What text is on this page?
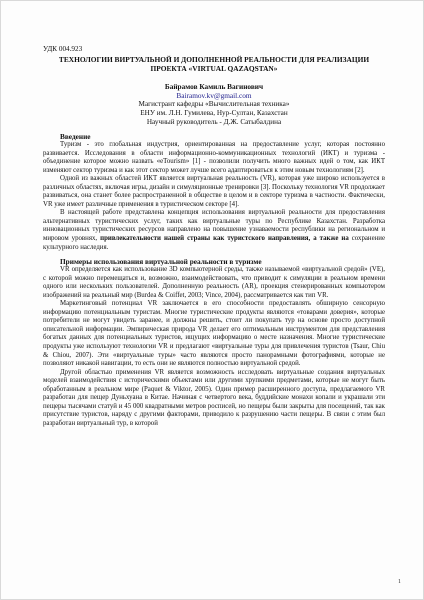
УДК 004.923
ТЕХНОЛОГИИ ВИРТУАЛЬНОЙ И ДОПОЛНЕННОЙ РЕАЛЬНОСТИ ДЛЯ РЕАЛИЗАЦИИ ПРОЕКТА «VIRTUAL QAZAQSTAN»
Байрамов Камиль Вагинович
Bairamov.kv@gmail.com
Магистрант кафедры «Вычислительная техника»
ЕНУ им. Л.Н. Гумилева, Нур-Султан, Казахстан
Научный руководитель - Д.Ж. Сатыбалдина
Введение

Туризм - это глобальная индустрия, ориентированная на предоставление услуг, которая постоянно развивается. Исследования в области информационно-коммуникационных технологий (ИКТ) и туризма - объединение которое можно назвать «eTourism» [1] - позволили получить много важных идей о том, как ИКТ изменяют сектор туризма и как этот сектор может лучше всего адаптироваться к этим новым технологиям [2].

Одной из важных областей ИКТ является виртуальная реальность (VR), которая уже широко используется в различных областях, включая игры, дизайн и симуляционные тренировки [3]. Поскольку технология VR продолжает развиваться, она станет более распространенной в обществе в целом и в секторе туризма в частности. Фактически, VR уже имеет различные применения в туристическом секторе [4].

В настоящей работе представлена концепция использования виртуальной реальности для предоставления альтернативных туристических услуг, таких как виртуальные туры по Республике Казахстан. Разработка инновационных туристических ресурсов направлено на повышение узнаваемости республики на региональном и мировом уровнях, привлекательности нашей страны как туристского направления, а также на сохранение культурного наследия.

Примеры использования виртуальной реальности в туризме

VR определяется как использование 3D компьютерной среды, также называемой «виртуальной средой» (VE), с которой можно перемещаться и, возможно, взаимодействовать, что приводит к симуляции в реальном времени одного или нескольких пользователей. Дополненную реальность (AR), проекция стенерированных компьютером изображений на реальный мир (Burdea & Coiffet, 2003; Vince, 2004), рассматривается как тип VR.

Маркетинговый потенциал VR заключается в его способности предоставлять обширную сенсорную информацию потенциальным туристам. Многие туристические продукты являются «товарами доверия», которые потребители не могут увидеть заранее, и должны решить, стоит ли покупать тур на основе просто доступной описательной информации. Эмпирическая природа VR делает его оптимальным инструментом для представления богатых данных для потенциальных туристов, ищущих информацию о месте назначения. Многие туристические продукты уже используют технологии VR и предлагают «виртуальные туры для привлечения туристов (Tsaur, Chiu & Chiou, 2007). Эти «виртуальные туры» часто являются просто панорамными фотографиями, которые не позволяют никакой навигации, то есть они не являются полностью виртуальной средой.

Другой областью применения VR является возможность исследовать виртуальные создания виртуальных моделей взаимодействия с историческими объектами или другими хрупкими предметами, которые не могут быть обработанным в реальном мире (Paquet & Viktor, 2005). Один пример расширенного доступа, предлагаемого VR разработан для пещер Дуньхуана в Китае. Начиная с четвертого века, буддийские монахи копали и украшали эти пещеры тысячами статуй и 45 000 квадратными метров росписей, но пещеры были закрыты для посещений, так как присутствие туристов, наряду с другими факторами, приводило к разрушению части пещеры. В связи с этим был разработан виртуальный тур, в которой

1
